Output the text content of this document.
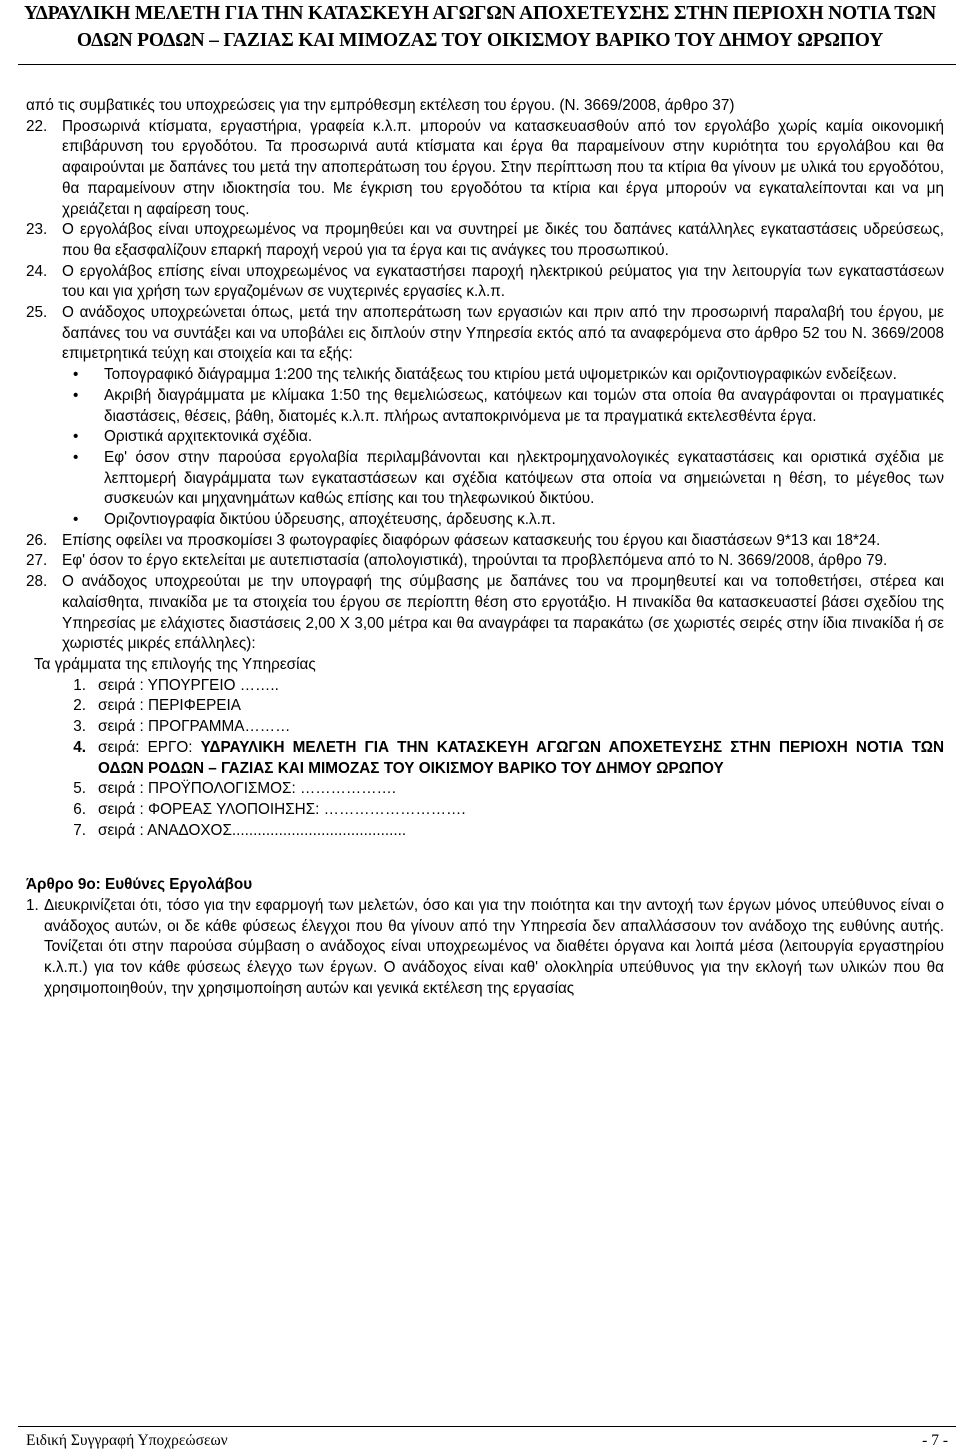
ΥΔΡΑΥΛΙΚΗ ΜΕΛΕΤΗ ΓΙΑ ΤΗΝ ΚΑΤΑΣΚΕΥΗ ΑΓΩΓΩΝ ΑΠΟΧΕΤΕΥΣΗΣ ΣΤΗΝ ΠΕΡΙΟΧΗ ΝΟΤΙΑ ΤΩΝ
ΟΔΩΝ ΡΟΔΩΝ – ΓΑΖΙΑΣ ΚΑΙ ΜΙΜΟΖΑΣ ΤΟΥ ΟΙΚΙΣΜΟΥ ΒΑΡΙΚΟ ΤΟΥ ΔΗΜΟΥ ΩΡΩΠΟΥ

από τις συμβατικές του υποχρεώσεις για την εμπρόθεσμη εκτέλεση του έργου. (Ν. 3669/2008, άρθρο 37)

22. Προσωρινά κτίσματα, εργαστήρια, γραφεία κ.λ.π. μπορούν να κατασκευασθούν από τον εργολάβο χωρίς καμία οικονομική επιβάρυνση του εργοδότου. Τα προσωρινά αυτά κτίσματα και έργα θα παραμείνουν στην κυριότητα του εργολάβου και θα αφαιρούνται με δαπάνες του μετά την αποπεράτωση του έργου. Στην περίπτωση που τα κτίρια θα γίνουν με υλικά του εργοδότου, θα παραμείνουν στην ιδιοκτησία του. Με έγκριση του εργοδότου τα κτίρια και έργα μπορούν να εγκαταλείπονται και να μη χρειάζεται η αφαίρεση τους.
23. Ο εργολάβος είναι υποχρεωμένος να προμηθεύει και να συντηρεί με δικές του δαπάνες κατάλληλες εγκαταστάσεις υδρεύσεως, που θα εξασφαλίζουν επαρκή παροχή νερού για τα έργα και τις ανάγκες του προσωπικού.
24. Ο εργολάβος επίσης είναι υποχρεωμένος να εγκαταστήσει παροχή ηλεκτρικού ρεύματος για την λειτουργία των εγκαταστάσεων του και για χρήση των εργαζομένων σε νυχτερινές εργασίες κ.λ.π.
25. Ο ανάδοχος υποχρεώνεται όπως, μετά την αποπεράτωση των εργασιών και πριν από την προσωρινή παραλαβή του έργου, με δαπάνες του να συντάξει και να υποβάλει εις διπλούν στην Υπηρεσία εκτός από τα αναφερόμενα στο άρθρο 52 του Ν. 3669/2008 επιμετρητικά τεύχη και στοιχεία και τα εξής:

• Τοπογραφικό διάγραμμα 1:200 της τελικής διατάξεως του κτιρίου μετά υψομετρικών και οριζοντιογραφικών ενδείξεων.
• Ακριβή διαγράμματα με κλίμακα 1:50 της θεμελιώσεως, κατόψεων και τομών στα οποία θα αναγράφονται οι πραγματικές διαστάσεις, θέσεις, βάθη, διατομές κ.λ.π. πλήρως ανταποκρινόμενα με τα πραγματικά εκτελεσθέντα έργα.
• Οριστικά αρχιτεκτονικά σχέδια.
• Εφ' όσον στην παρούσα εργολαβία περιλαμβάνονται και ηλεκτρομηχανολογικές εγκαταστάσεις και οριστικά σχέδια με λεπτομερή διαγράμματα των εγκαταστάσεων και σχέδια κατόψεων στα οποία να σημειώνεται η θέση, το μέγεθος των συσκευών και μηχανημάτων καθώς επίσης και του τηλεφωνικού δικτύου.
• Οριζοντιογραφία δικτύου ύδρευσης, αποχέτευσης, άρδευσης κ.λ.π.
26. Επίσης οφείλει να προσκομίσει 3 φωτογραφίες διαφόρων φάσεων κατασκευής του έργου και διαστάσεων 9*13 και 18*24.
27. Εφ' όσον το έργο εκτελείται με αυτεπιστασία (απολογιστικά), τηρούνται τα προβλεπόμενα από το Ν. 3669/2008, άρθρο 79.
28. Ο ανάδοχος υποχρεούται με την υπογραφή της σύμβασης με δαπάνες του να προμηθευτεί και να τοποθετήσει, στέρεα και καλαίσθητα, πινακίδα με τα στοιχεία του έργου σε περίοπτη θέση στο εργοτάξιο. Η πινακίδα θα κατασκευαστεί βάσει σχεδίου της Υπηρεσίας με ελάχιστες διαστάσεις 2,00 Χ 3,00 μέτρα και θα αναγράφει τα παρακάτω (σε χωριστές σειρές στην ίδια πινακίδα ή σε χωριστές μικρές επάλληλες):

Τα γράμματα της επιλογής της Υπηρεσίας

1. σειρά : ΥΠΟΥΡΓΕΙΟ ……..
2. σειρά : ΠΕΡΙΦΕΡΕΙΑ
3. σειρά : ΠΡΟΓΡΑΜΜΑ………
4. σειρά: ΕΡΓΟ: ΥΔΡΑΥΛΙΚΗ ΜΕΛΕΤΗ ΓΙΑ ΤΗΝ ΚΑΤΑΣΚΕΥΗ ΑΓΩΓΩΝ ΑΠΟΧΕΤΕΥΣΗΣ ΣΤΗΝ ΠΕΡΙΟΧΗ ΝΟΤΙΑ ΤΩΝ ΟΔΩΝ ΡΟΔΩΝ – ΓΑΖΙΑΣ ΚΑΙ ΜΙΜΟΖΑΣ ΤΟΥ ΟΙΚΙΣΜΟΥ ΒΑΡΙΚΟ ΤΟΥ ΔΗΜΟΥ ΩΡΩΠΟΥ
5. σειρά : ΠΡΟΫΠΟΛΟΓΙΣΜΟΣ: ……………….
6. σειρά : ΦΟΡΕΑΣ ΥΛΟΠΟΙΗΣΗΣ: ……………………….
7. σειρά : ΑΝΑΔΟΧΟΣ.........................................

Άρθρο 9ο: Ευθύνες Εργολάβου

1. Διευκρινίζεται ότι, τόσο για την εφαρμογή των μελετών, όσο και για την ποιότητα και την αντοχή των έργων μόνος υπεύθυνος είναι ο ανάδοχος αυτών, οι δε κάθε φύσεως έλεγχοι που θα γίνουν από την Υπηρεσία δεν απαλλάσσουν τον ανάδοχο της ευθύνης αυτής. Τονίζεται ότι στην παρούσα σύμβαση ο ανάδοχος είναι υποχρεωμένος να διαθέτει όργανα και λοιπά μέσα (λειτουργία εργαστηρίου κ.λ.π.) για τον κάθε φύσεως έλεγχο των έργων. Ο ανάδοχος είναι καθ' ολοκληρία υπεύθυνος για την εκλογή των υλικών που θα χρησιμοποιηθούν, την χρησιμοποίηση αυτών και γενικά εκτέλεση της εργασίας
Ειδική Συγγραφή Υποχρεώσεων	- 7 -
